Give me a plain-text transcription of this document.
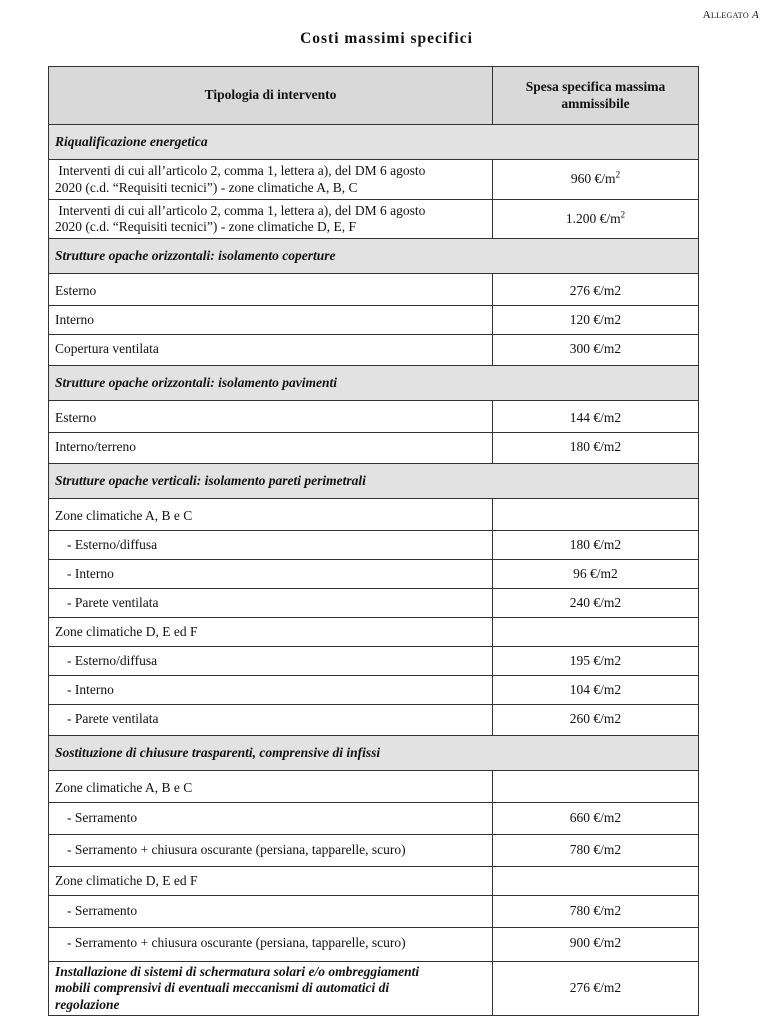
Allegato A
Costi massimi specifici
Tipologia di intervento	Spesa specifica massima
ammissibile
Riqualificazione energetica	
Interventi di cui all’articolo 2, comma 1, lettera a), del DM 6 agosto
2020 (c.d. “Requisiti tecnici”) - zone climatiche A, B, C	960 $€/m^2$
Interventi di cui all’articolo 2, comma 1, lettera a), del DM 6 agosto
2020 (c.d. “Requisiti tecnici”) - zone climatiche D, E, F	1.200 $€/m^2$
Strutture opache orizzontali: isolamento coperture	
Esterno	276 €/m2
Interno	120 €/m2
Copertura ventilata	300 €/m2
Strutture opache orizzontali: isolamento pavimenti	
Esterno	144 €/m2
Interno/terreno	180 €/m2
Strutture opache verticali: isolamento pareti perimetrali	
Zone climatiche A, B e C	
- Esterno/diffusa	180 €/m2
- Interno	96 €/m2
- Parete ventilata	240 €/m2
Zone climatiche D, E ed F	
- Esterno/diffusa	195 €/m2
- Interno	104 €/m2
- Parete ventilata	260 €/m2
Sostituzione di chiusure trasparenti, comprensive di infissi	
Zone climatiche A, B e C	
- Serramento	660 €/m2
- Serramento + chiusura oscurante (persiana, tapparelle, scuro)	780 €/m2
Zone climatiche D, E ed F	
- Serramento	780 €/m2
- Serramento + chiusura oscurante (persiana, tapparelle, scuro)	900 €/m2
Installazione di sistemi di schermatura solari e/o ombreggiamenti
mobili comprensivi di eventuali meccanismi di automatici di
regolazione	276 €/m2
